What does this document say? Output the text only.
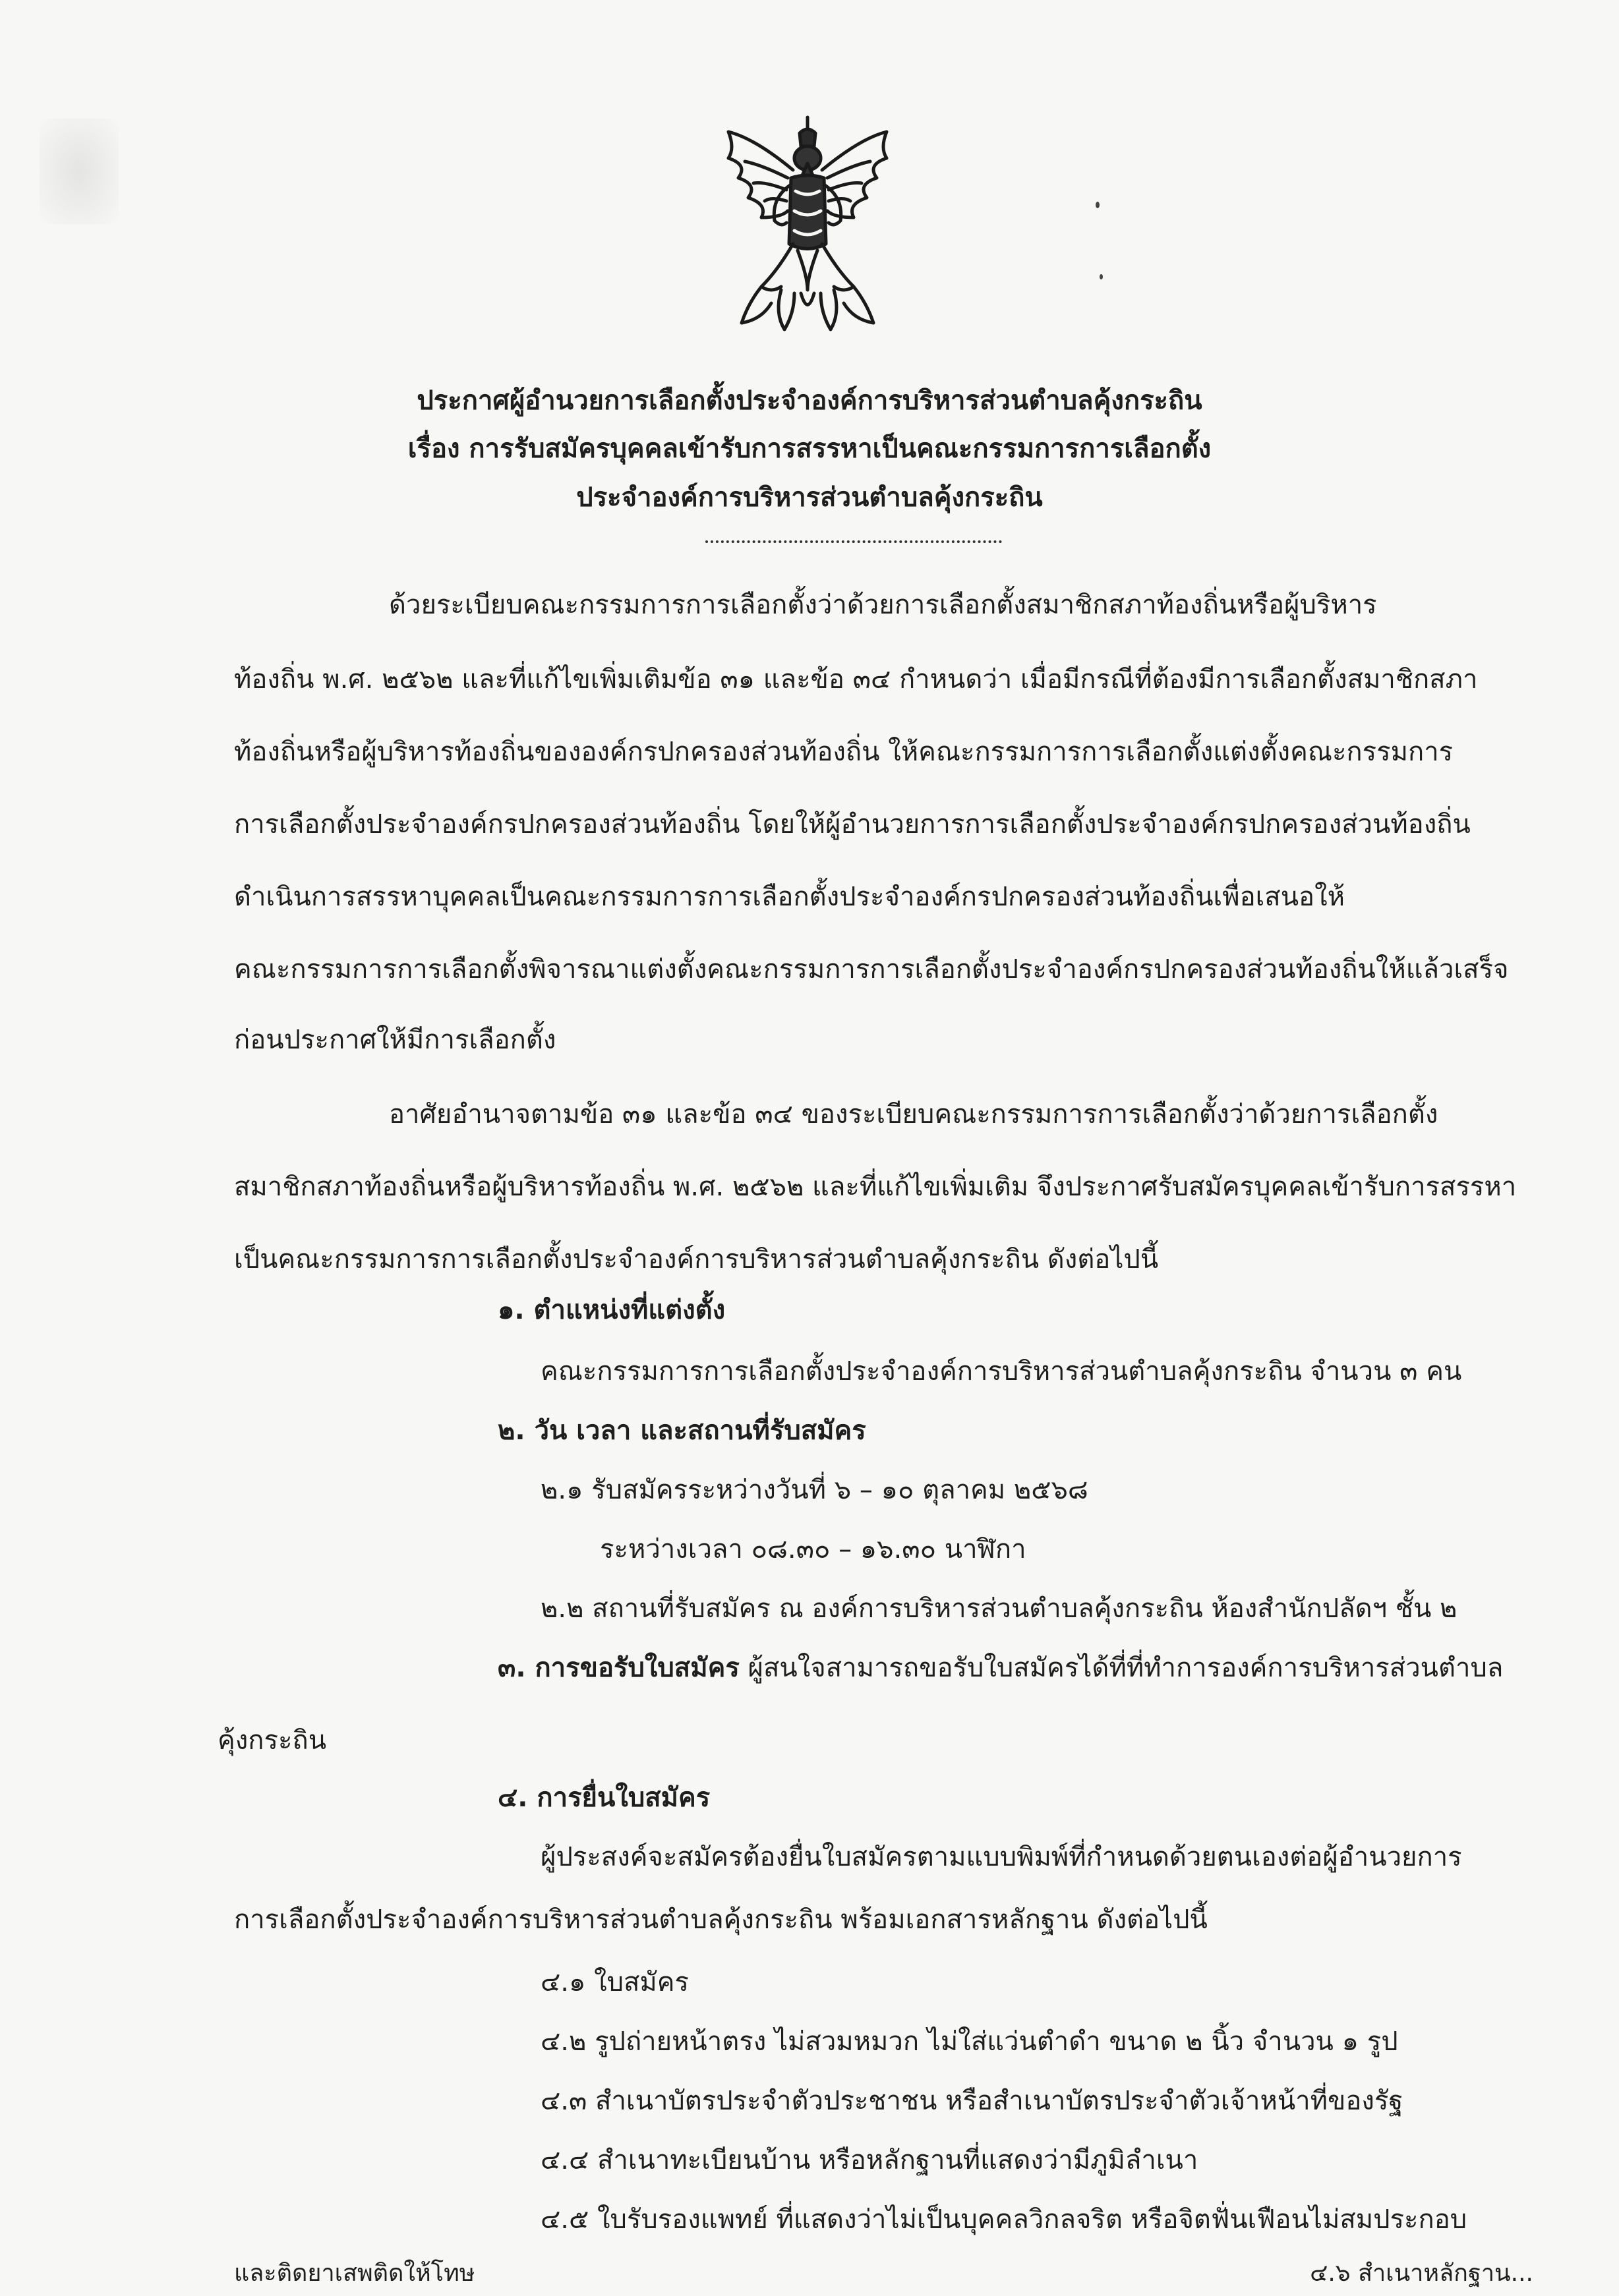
ประกาศผู้อำนวยการเลือกตั้งประจำองค์การบริหารส่วนตำบลคุ้งกระถิน
เรื่อง การรับสมัครบุคคลเข้ารับการสรรหาเป็นคณะกรรมการการเลือกตั้ง
ประจำองค์การบริหารส่วนตำบลคุ้งกระถิน
ด้วยระเบียบคณะกรรมการการเลือกตั้งว่าด้วยการเลือกตั้งสมาชิกสภาท้องถิ่นหรือผู้บริหาร
ท้องถิ่น พ.ศ. ๒๕๖๒ และที่แก้ไขเพิ่มเติมข้อ ๓๑ และข้อ ๓๔ กำหนดว่า เมื่อมีกรณีที่ต้องมีการเลือกตั้งสมาชิกสภา
ท้องถิ่นหรือผู้บริหารท้องถิ่นขององค์กรปกครองส่วนท้องถิ่น ให้คณะกรรมการการเลือกตั้งแต่งตั้งคณะกรรมการ
การเลือกตั้งประจำองค์กรปกครองส่วนท้องถิ่น โดยให้ผู้อำนวยการการเลือกตั้งประจำองค์กรปกครองส่วนท้องถิ่น
ดำเนินการสรรหาบุคคลเป็นคณะกรรมการการเลือกตั้งประจำองค์กรปกครองส่วนท้องถิ่นเพื่อเสนอให้
คณะกรรมการการเลือกตั้งพิจารณาแต่งตั้งคณะกรรมการการเลือกตั้งประจำองค์กรปกครองส่วนท้องถิ่นให้แล้วเสร็จ
ก่อนประกาศให้มีการเลือกตั้ง
อาศัยอำนาจตามข้อ ๓๑ และข้อ ๓๔ ของระเบียบคณะกรรมการการเลือกตั้งว่าด้วยการเลือกตั้ง
สมาชิกสภาท้องถิ่นหรือผู้บริหารท้องถิ่น พ.ศ. ๒๕๖๒ และที่แก้ไขเพิ่มเติม จึงประกาศรับสมัครบุคคลเข้ารับการสรรหา
เป็นคณะกรรมการการเลือกตั้งประจำองค์การบริหารส่วนตำบลคุ้งกระถิน ดังต่อไปนี้
๑. ตำแหน่งที่แต่งตั้ง
คณะกรรมการการเลือกตั้งประจำองค์การบริหารส่วนตำบลคุ้งกระถิน จำนวน ๓ คน
๒. วัน เวลา และสถานที่รับสมัคร
๒.๑ รับสมัครระหว่างวันที่ ๖ – ๑๐ ตุลาคม ๒๕๖๘
ระหว่างเวลา ๐๘.๓๐ – ๑๖.๓๐ นาฬิกา
๒.๒ สถานที่รับสมัคร ณ องค์การบริหารส่วนตำบลคุ้งกระถิน ห้องสำนักปลัดฯ ชั้น ๒
๓. การขอรับใบสมัคร ผู้สนใจสามารถขอรับใบสมัครได้ที่ที่ทำการองค์การบริหารส่วนตำบล
คุ้งกระถิน
๔. การยื่นใบสมัคร
ผู้ประสงค์จะสมัครต้องยื่นใบสมัครตามแบบพิมพ์ที่กำหนดด้วยตนเองต่อผู้อำนวยการ
การเลือกตั้งประจำองค์การบริหารส่วนตำบลคุ้งกระถิน พร้อมเอกสารหลักฐาน ดังต่อไปนี้
๔.๑ ใบสมัคร
๔.๒ รูปถ่ายหน้าตรง ไม่สวมหมวก ไม่ใส่แว่นตำดำ ขนาด ๒ นิ้ว จำนวน ๑ รูป
๔.๓ สำเนาบัตรประจำตัวประชาชน หรือสำเนาบัตรประจำตัวเจ้าหน้าที่ของรัฐ
๔.๔ สำเนาทะเบียนบ้าน หรือหลักฐานที่แสดงว่ามีภูมิลำเนา
๔.๕ ใบรับรองแพทย์ ที่แสดงว่าไม่เป็นบุคคลวิกลจริต หรือจิตฟั่นเฟือนไม่สมประกอบ
และติดยาเสพติดให้โทษ	๔.๖ สำเนาหลักฐาน...
